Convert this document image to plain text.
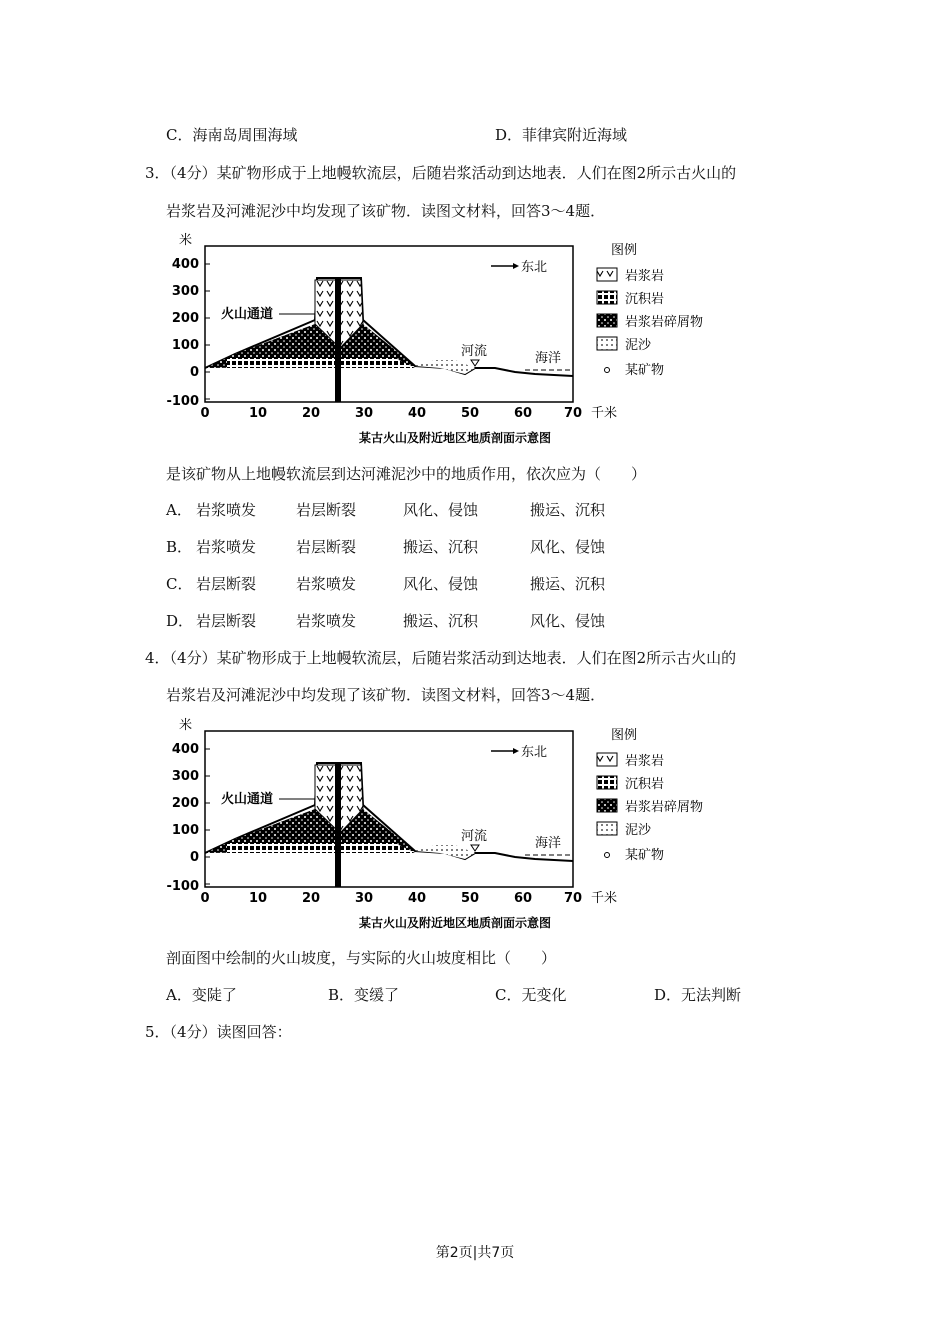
C．海南岛周围海域	D．菲律宾附近海域
3．（4分）某矿物形成于上地幔软流层，后随岩浆活动到达地表．人们在图2所示古火山的
岩浆岩及河滩泥沙中均发现了该矿物．读图文材料，回答3～4题．
400
300
200
100
0
-100
米
0	10	20	30	40	50	60 70 千米
火山通道
河流	海洋
东北
图例
岩浆岩
沉积岩
岩浆岩碎屑物
泥沙
某矿物
某古火山及附近地区地质剖面示意图
是该矿物从上地幔软流层到达河滩泥沙中的地质作用，依次应为（　　）
A． 岩浆喷发	岩层断裂	风化、侵蚀	搬运、沉积
B． 岩浆喷发	岩层断裂	搬运、沉积	风化、侵蚀
C． 岩层断裂	岩浆喷发	风化、侵蚀	搬运、沉积
D． 岩层断裂	岩浆喷发	搬运、沉积	风化、侵蚀
4．（4分）某矿物形成于上地幔软流层，后随岩浆活动到达地表．人们在图2所示古火山的
岩浆岩及河滩泥沙中均发现了该矿物．读图文材料，回答3～4题．
400
300
200
100
0
-100
米
0	10	20	30	40	50	60 70 千米
火山通道
河流	海洋
东北
图例
岩浆岩
沉积岩
岩浆岩碎屑物
泥沙
某矿物
某古火山及附近地区地质剖面示意图
剖面图中绘制的火山坡度，与实际的火山坡度相比（　　）
A．变陡了	B．变缓了	C．无变化	D．无法判断
5．（4分）读图回答：
第2页|共7页
